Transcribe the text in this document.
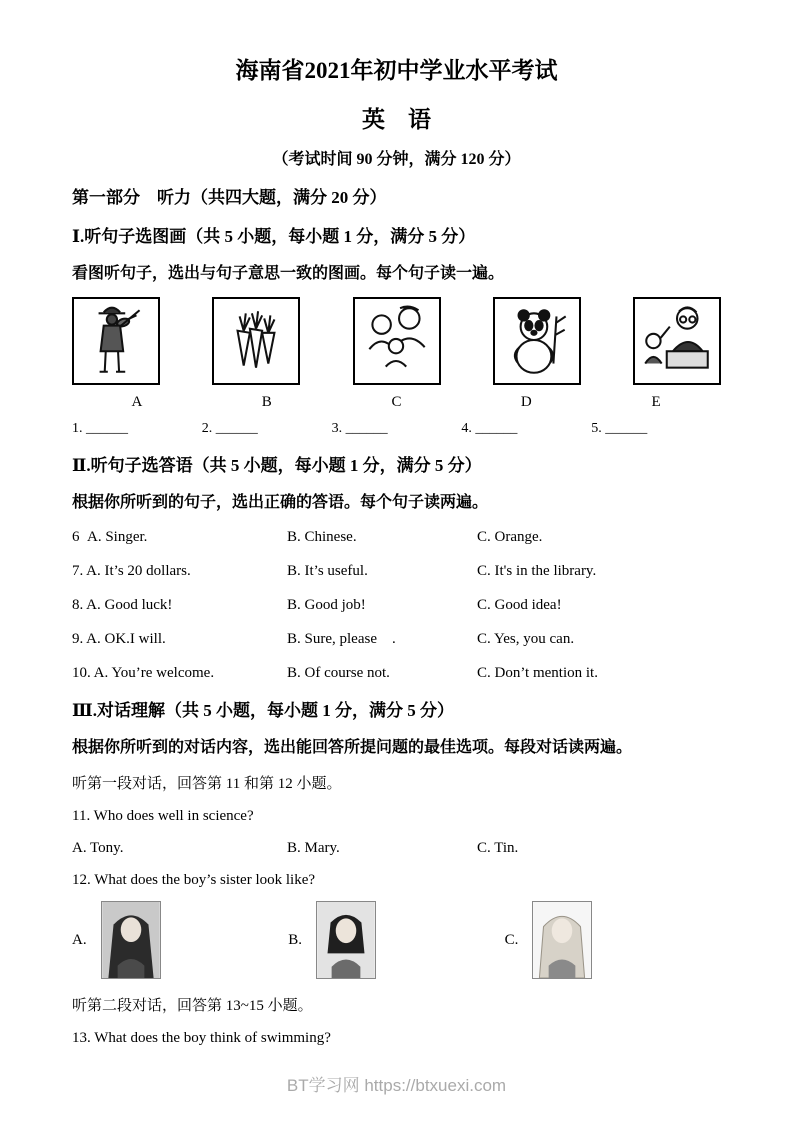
海南省2021年初中学业水平考试
英　语
（考试时间 90 分钟，满分 120 分）
第一部分　听力（共四大题，满分 20 分）
Ⅰ.听句子选图画（共 5 小题，每小题 1 分，满分 5 分）
看图听句子，选出与句子意思一致的图画。每个句子读一遍。
A	B	C	D	E
1. ______	2. ______	3. ______	4. ______	5. ______
Ⅱ.听句子选答语（共 5 小题，每小题 1 分，满分 5 分）
根据你所听到的句子，选出正确的答语。每个句子读两遍。
6  A. Singer.	B. Chinese.	C. Orange.
7. A. It’s 20 dollars.	B. It’s useful.	C. It's in the library.
8. A. Good luck!	B. Good job!	C. Good idea!
9. A. OK.I will.	B. Sure, please    .	C. Yes, you can.
10. A. You’re welcome.	B. Of course not.	C. Don’t mention it.
Ⅲ.对话理解（共 5 小题，每小题 1 分，满分 5 分）
根据你所听到的对话内容，选出能回答所提问题的最佳选项。每段对话读两遍。
听第一段对话，回答第 11 和第 12 小题。
11. Who does well in science?
A. Tony.	B. Mary.	C. Tin.
12. What does the boy’s sister look like?
A.	B.	C.
听第二段对话，回答第 13~15 小题。
13. What does the boy think of swimming?
BT学习网 https://btxuexi.com
